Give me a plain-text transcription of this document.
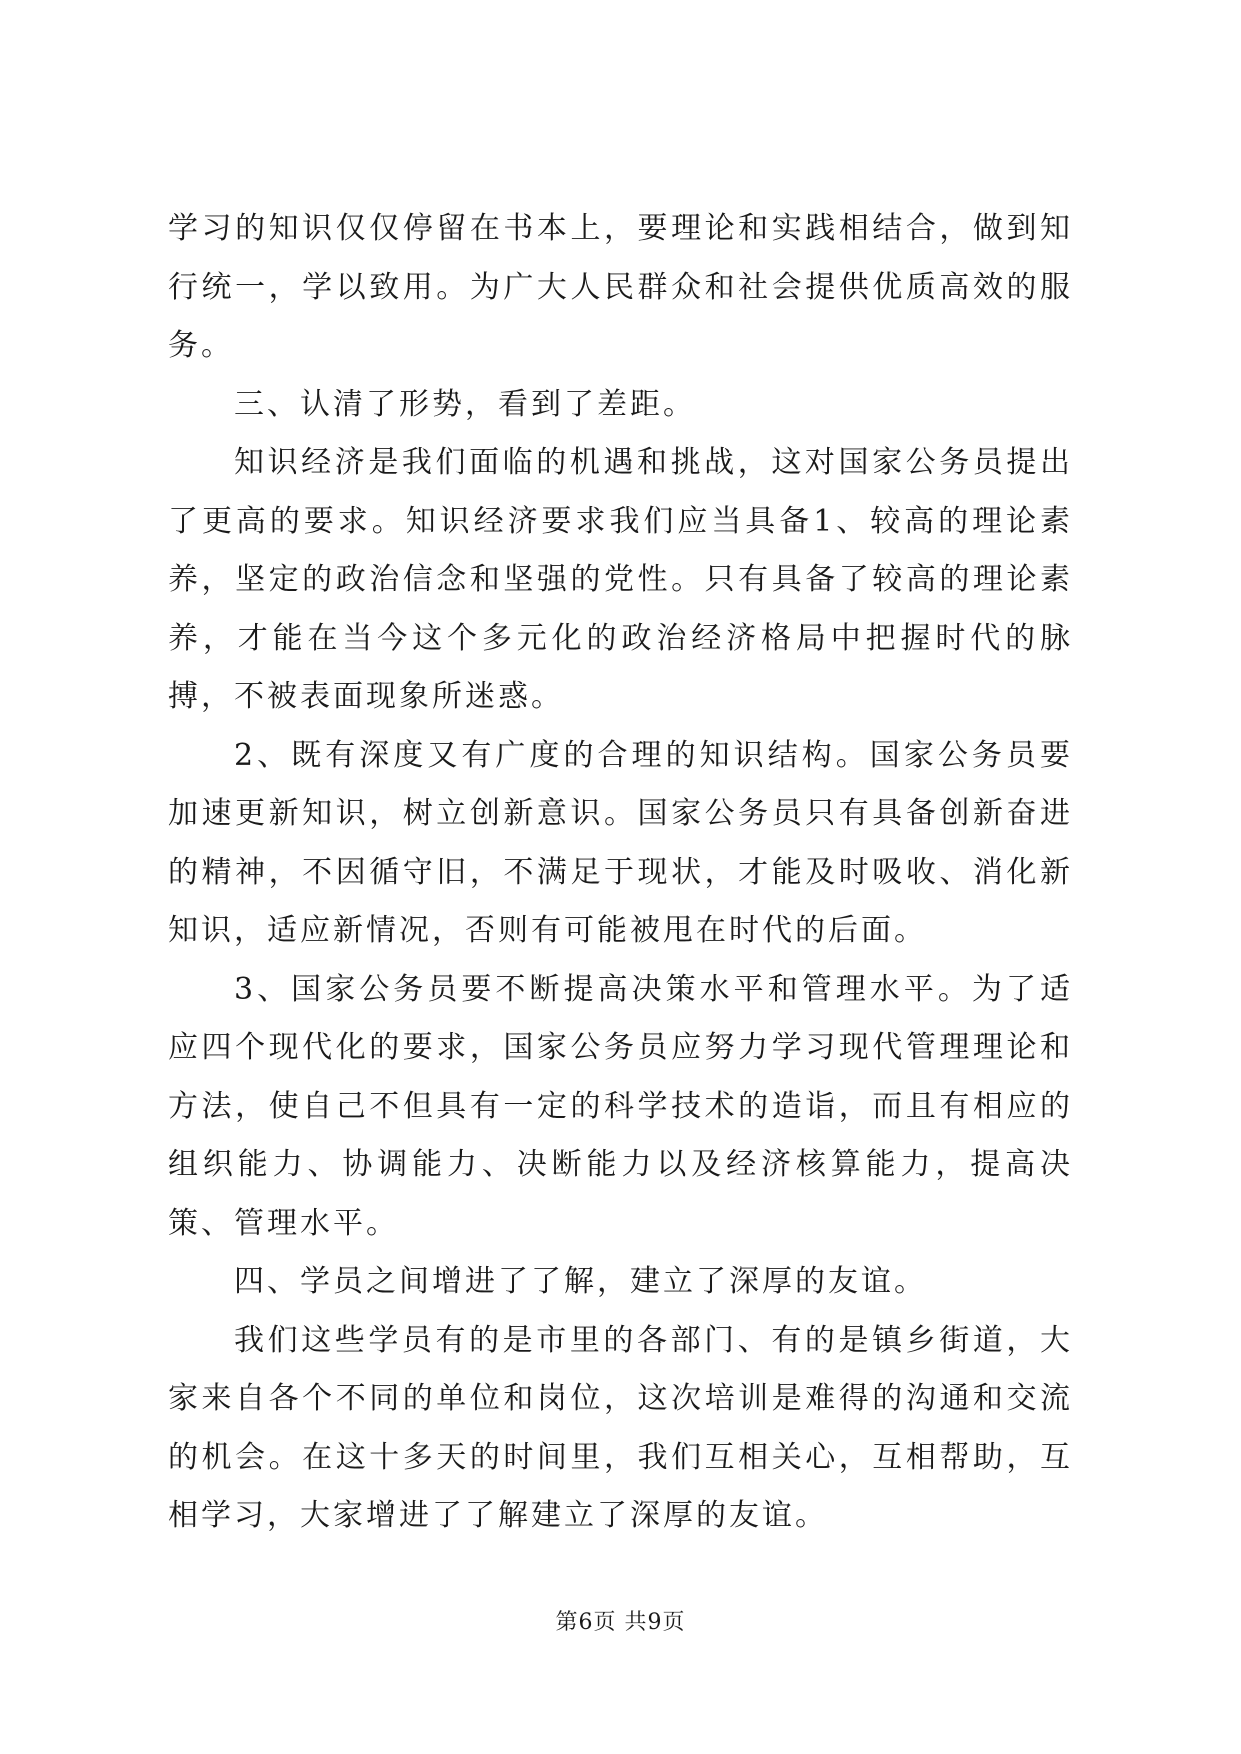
学习的知识仅仅停留在书本上，要理论和实践相结合，做到知行统一，学以致用。为广大人民群众和社会提供优质高效的服务。

三、认清了形势，看到了差距。

知识经济是我们面临的机遇和挑战，这对国家公务员提出了更高的要求。知识经济要求我们应当具备1、较高的理论素养，坚定的政治信念和坚强的党性。只有具备了较高的理论素养，才能在当今这个多元化的政治经济格局中把握时代的脉搏，不被表面现象所迷惑。

2、既有深度又有广度的合理的知识结构。国家公务员要加速更新知识，树立创新意识。国家公务员只有具备创新奋进的精神，不因循守旧，不满足于现状，才能及时吸收、消化新知识，适应新情况，否则有可能被甩在时代的后面。

3、国家公务员要不断提高决策水平和管理水平。为了适应四个现代化的要求，国家公务员应努力学习现代管理理论和方法，使自己不但具有一定的科学技术的造诣，而且有相应的组织能力、协调能力、决断能力以及经济核算能力，提高决策、管理水平。

四、学员之间增进了了解，建立了深厚的友谊。

我们这些学员有的是市里的各部门、有的是镇乡街道，大家来自各个不同的单位和岗位，这次培训是难得的沟通和交流的机会。在这十多天的时间里，我们互相关心，互相帮助，互相学习，大家增进了了解建立了深厚的友谊。

第6页 共9页
